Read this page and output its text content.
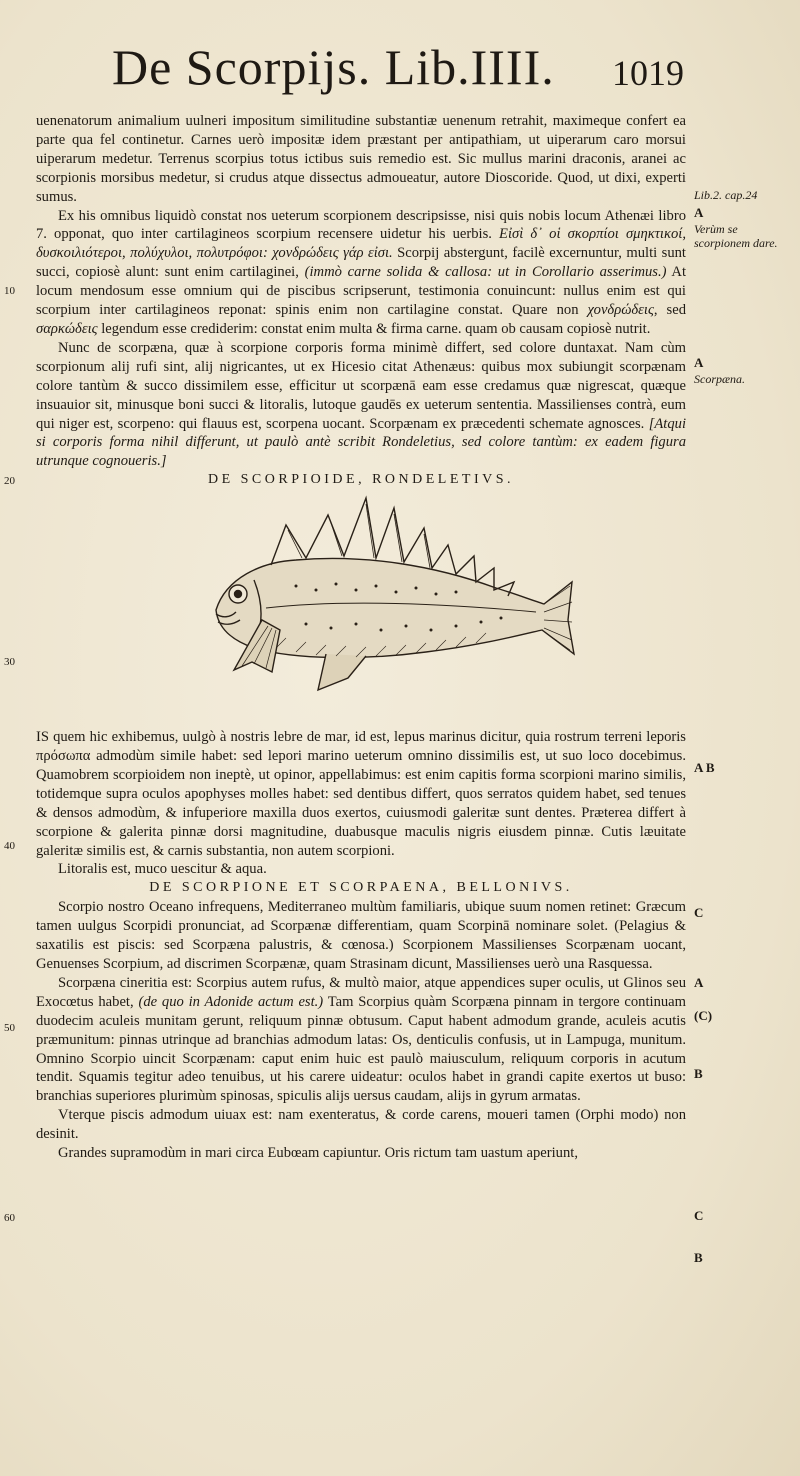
De Scorpijs. Lib.IIII. 1019

uenenatorum animalium uulneri impositum similitudine substantiæ uenenum retrahit, maximeque confert ea parte qua fel continetur. Carnes uerò impositæ idem præstant per antipathiam, ut uiperarum caro morsui uiperarum medetur. Terrenus scorpius totus ictibus suis remedio est. Sic mullus marini draconis, aranei ac scorpionis morsibus medetur, si crudus atque dissectus admoueatur, autore Dioscoride. Quod, ut dixi, experti sumus.

Ex his omnibus liquidò constat nos ueterum scorpionem descripsisse, nisi quis nobis locum Athenæi libro 7. opponat, quo inter cartilagineos scorpium recensere uidetur his uerbis. Εἰσὶ δ᾽ οἱ σκορπίοι σμηκτικοί, δυσκοιλιότεροι, πολύχυλοι, πολυτρόφοι: χονδρώδεις γάρ εἰσι. Scorpij abstergunt, facilè excernuntur, multi sunt succi, copiosè alunt: sunt enim cartilaginei, (immò carne solida & callosa: ut in Corollario asserimus.) At locum mendosum esse omnium qui de piscibus scripserunt, testimonia conuincunt: nullus enim est qui scorpium inter cartilagineos reponat: spinis enim non cartilagine constat. Quare non χονδρώδεις, sed σαρκώδεις legendum esse crediderim: constat enim multa & firma carne. quam ob causam copiosè nutrit.

Nunc de scorpæna, quæ à scorpione corporis forma minimè differt, sed colore duntaxat. Nam cùm scorpionum alij rufi sint, alij nigricantes, ut ex Hicesio citat Athenæus: quibus mox subiungit scorpænam colore tantùm & succo dissimilem esse, efficitur ut scorpænā eam esse credamus quæ nigrescat, quæque insuauior sit, minusque boni succi & litoralis, lutoque gaudēs ex ueterum sententia. Massilienses contrà, eum qui niger est, scorpeno: qui flauus est, scorpena uocant. Scorpænam ex præcedenti schemate agnosces. [Atqui si corporis forma nihil differunt, ut paulò antè scribit Rondeletius, sed colore tantùm: ex eadem figura utrunque cognoueris.]

DE SCORPIOIDE, RONDELETIVS.

IS quem hic exhibemus, uulgò à nostris lebre de mar, id est, lepus marinus dicitur, quia rostrum terreni leporis πρόσωπα admodùm simile habet: sed lepori marino ueterum omnino dissimilis est, ut suo loco docebimus. Quamobrem scorpioidem non ineptè, ut opinor, appellabimus: est enim capitis forma scorpioni marino similis, totidemque supra oculos apophyses molles habet: sed dentibus differt, quos serratos quidem habet, sed tenues & densos admodùm, & infuperiore maxilla duos exertos, cuiusmodi galeritæ sunt dentes. Præterea differt à scorpione & galerita pinnæ dorsi magnitudine, duabusque maculis nigris eiusdem pinnæ. Cutis læuitate galeritæ similis est, & carnis substantia, non autem scorpioni.

Litoralis est, muco uescitur & aqua.

DE SCORPIONE ET SCORPAENA, BELLONIVS.

Scorpio nostro Oceano infrequens, Mediterraneo multùm familiaris, ubique suum nomen retinet: Græcum tamen uulgus Scorpidi pronunciat, ad Scorpænæ differentiam, quam Scorpinā nominare solet. (Pelagius & saxatilis est piscis: sed Scorpæna palustris, & cœnosa.) Scorpionem Massilienses Scorpænam uocant, Genuenses Scorpium, ad discrimen Scorpænæ, quam Strasinam dicunt, Massilienses uerò una Rasquessa.

Scorpæna cineritia est: Scorpius autem rufus, & multò maior, atque appendices super oculis, ut Glinos seu Exocœtus habet, (de quo in Adonide actum est.) Tam Scorpius quàm Scorpæna pinnam in tergore continuam duodecim aculeis munitam gerunt, reliquum pinnæ obtusum. Caput habent admodum grande, aculeis acutis præmunitum: pinnas utrinque ad branchias admodum latas: Os, denticulis confusis, ut in Lampuga, munitum. Omnino Scorpio uincit Scorpænam: caput enim huic est paulò maiusculum, reliquum corporis in acutum tendit. Squamis tegitur adeo tenuibus, ut his carere uideatur: oculos habet in grandi capite exertos ut buso: branchias superiores plurimùm spinosas, spiculis alijs uersus caudam, alijs in gyrum armatas.

Vterque piscis admodum uiuax est: nam exenteratus, & corde carens, moueri tamen (Orphi modo) non desinit.

Grandes supramodùm in mari circa Eubœam capiuntur. Oris rictum tam uastum aperiunt,

Lib.2. cap.24
A
Verùm se scorpionem dare.
A
Scorpæna.
A B
C
A
(C)
B
C
B
10
20
30
40
50
60
